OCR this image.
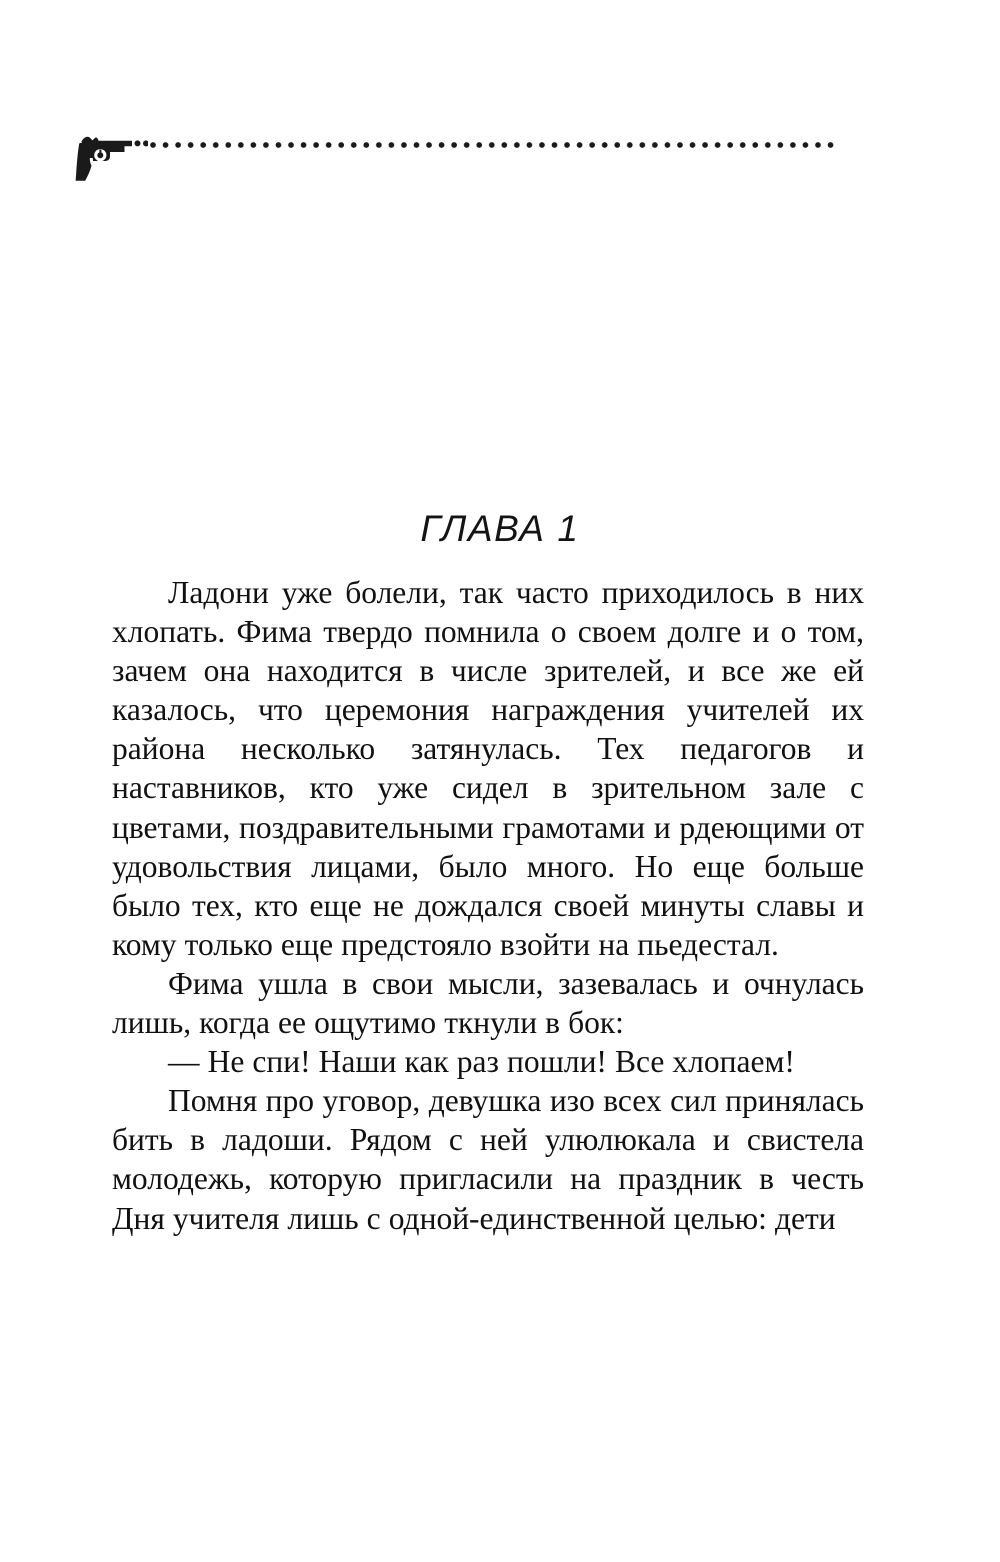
ГЛАВА 1

Ладони уже болели, так часто приходилось в них хлопать. Фима твердо помнила о своем долге и о том, зачем она находится в числе зрителей, и все же ей казалось, что церемония награждения учителей их района несколько затянулась. Тех педагогов и наставников, кто уже сидел в зрительном зале с цветами, поздравительными грамотами и рдеющими от удовольствия лицами, было много. Но еще больше было тех, кто еще не дождался своей минуты славы и кому только еще предстояло взойти на пьедестал.

Фима ушла в свои мысли, зазевалась и очнулась лишь, когда ее ощутимо ткнули в бок:

— Не спи! Наши как раз пошли! Все хлопаем!

Помня про уговор, девушка изо всех сил принялась бить в ладоши. Рядом с ней улюлюкала и свистела молодежь, которую пригласили на праздник в честь Дня учителя лишь с одной-единственной целью: дети
